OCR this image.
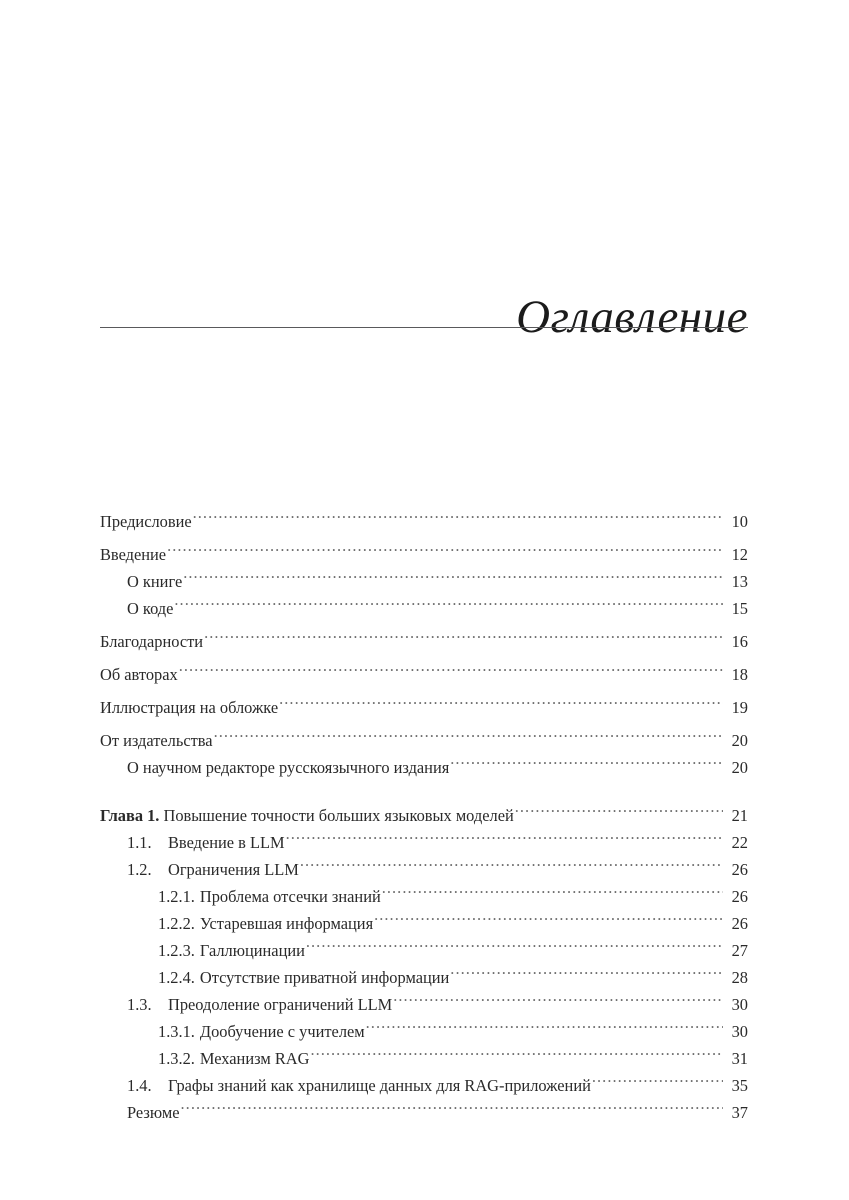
Оглавление
Предисловие .....	10
Введение .....	12
О книге .....	13
О коде .....	15
Благодарности .....	16
Об авторах .....	18
Иллюстрация на обложке .....	19
От издательства .....	20
О научном редакторе русскоязычного издания .....	20
Глава 1. Повышение точности больших языковых моделей .....	21
1.1.	Введение в LLM .....	22
1.2.	Ограничения LLM .....	26
1.2.1. Проблема отсечки знаний .....	26
1.2.2. Устаревшая информация .....	26
1.2.3. Галлюцинации .....	27
1.2.4. Отсутствие приватной информации .....	28
1.3.	Преодоление ограничений LLM .....	30
1.3.1. Дообучение с учителем .....	30
1.3.2. Механизм RAG .....	31
1.4.	Графы знаний как хранилище данных для RAG-приложений .....	35
Резюме .....	37
